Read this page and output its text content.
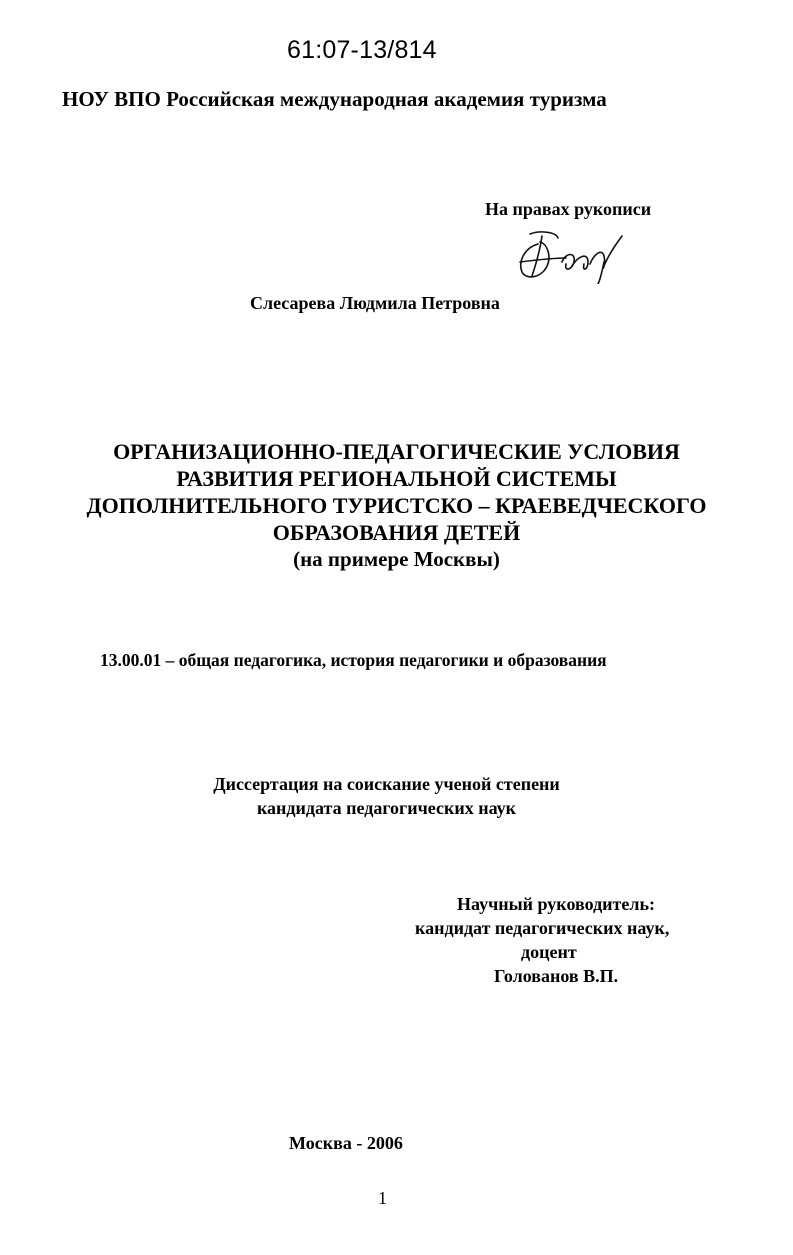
61:07-13/814
НОУ ВПО Российская международная академия туризма
На правах рукописи
Слесарева Людмила Петровна
ОРГАНИЗАЦИОННО-ПЕДАГОГИЧЕСКИЕ УСЛОВИЯ
РАЗВИТИЯ РЕГИОНАЛЬНОЙ СИСТЕМЫ
ДОПОЛНИТЕЛЬНОГО ТУРИСТСКО – КРАЕВЕДЧЕСКОГО
ОБРАЗОВАНИЯ ДЕТЕЙ
(на примере Москвы)
13.00.01 – общая педагогика, история педагогики и образования
Диссертация на соискание ученой степени
кандидата педагогических наук
Научный руководитель:
кандидат педагогических наук,
доцент
Голованов В.П.
Москва - 2006
1
